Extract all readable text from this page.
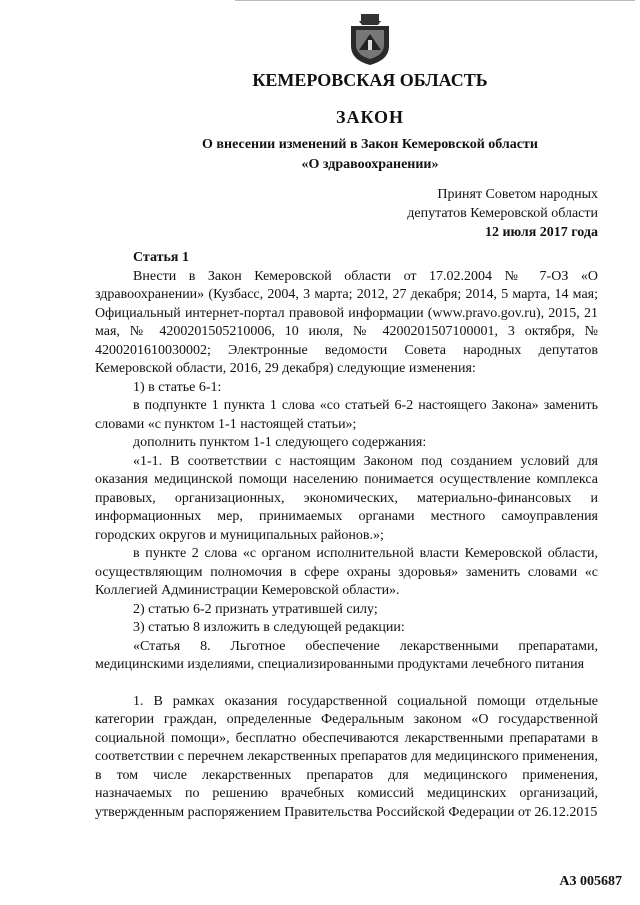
КЕМЕРОВСКАЯ ОБЛАСТЬ
ЗАКОН
О внесении изменений в Закон Кемеровской области
«О здравоохранении»
Принят Советом народных
депутатов Кемеровской области
12 июля 2017 года

Статья 1

Внести в Закон Кемеровской области от 17.02.2004 № 7-ОЗ «О здравоохранении» (Кузбасс, 2004, 3 марта; 2012, 27 декабря; 2014, 5 марта, 14 мая; Официальный интернет-портал правовой информации (www.pravo.gov.ru), 2015, 21 мая, № 4200201505210006, 10 июля, № 4200201507100001, 3 октября, № 4200201610030002; Электронные ведомости Совета народных депутатов Кемеровской области, 2016, 29 декабря) следующие изменения:

1) в статье 6-1:

в подпункте 1 пункта 1 слова «со статьей 6-2 настоящего Закона» заменить словами «с пунктом 1-1 настоящей статьи»;

дополнить пунктом 1-1 следующего содержания:

«1-1. В соответствии с настоящим Законом под созданием условий для оказания медицинской помощи населению понимается осуществление комплекса правовых, организационных, экономических, материально-финансовых и информационных мер, принимаемых органами местного самоуправления городских округов и муниципальных районов.»;

в пункте 2 слова «с органом исполнительной власти Кемеровской области, осуществляющим полномочия в сфере охраны здоровья» заменить словами «с Коллегией Администрации Кемеровской области».

2) статью 6-2 признать утратившей силу;

3) статью 8 изложить в следующей редакции:

«Статья 8. Льготное обеспечение лекарственными препаратами, медицинскими изделиями, специализированными продуктами лечебного питания

1. В рамках оказания государственной социальной помощи отдельные категории граждан, определенные Федеральным законом «О государственной социальной помощи», бесплатно обеспечиваются лекарственными препаратами в соответствии с перечнем лекарственных препаратов для медицинского применения, в том числе лекарственных препаратов для медицинского применения, назначаемых по решению врачебных комиссий медицинских организаций, утвержденным распоряжением Правительства Российской Федерации от 26.12.2015

А3 005687
